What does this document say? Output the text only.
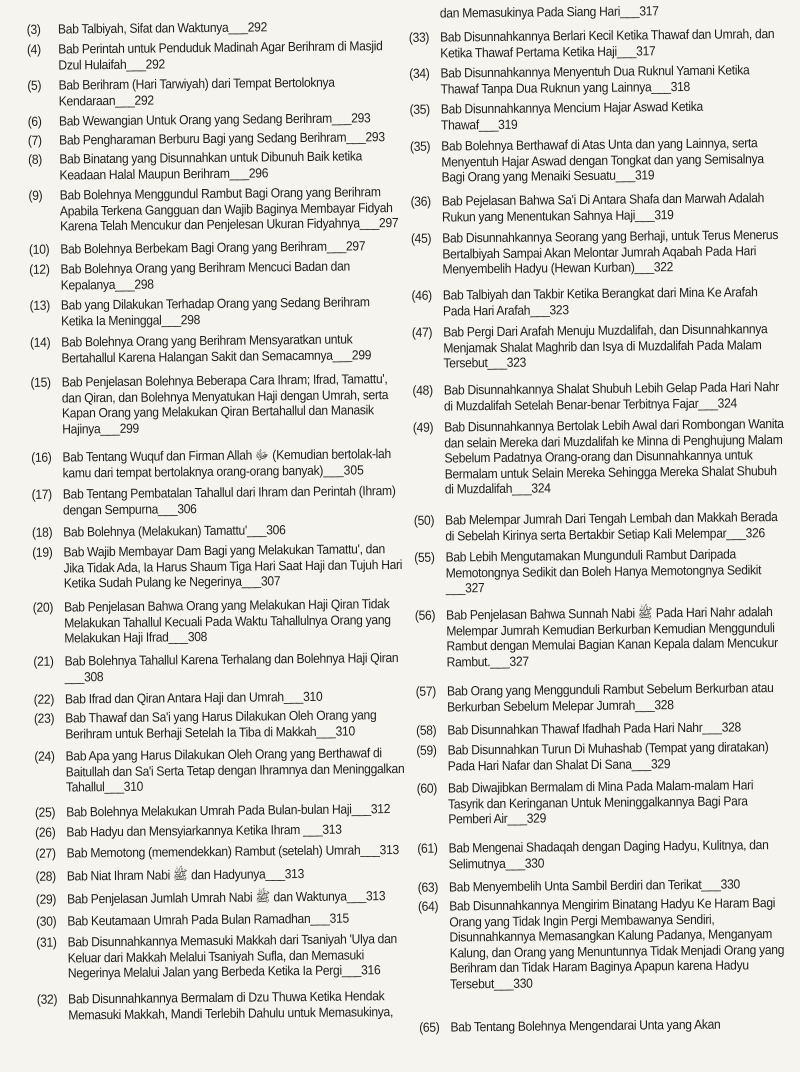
(3)	Bab Talbiyah, Sifat dan Waktunya___292
(4)	Bab Perintah untuk Penduduk Madinah Agar Berihram di Masjid Dzul Hulaifah___292
(5)	Bab Berihram (Hari Tarwiyah) dari Tempat Bertoloknya Kendaraan___292
(6)	Bab Wewangian Untuk Orang yang Sedang Berihram___293
(7)	Bab Pengharaman Berburu Bagi yang Sedang Berihram___293
(8)	Bab Binatang yang Disunnahkan untuk Dibunuh Baik ketika Keadaan Halal Maupun Berihram___296
(9)	Bab Bolehnya Menggundul Rambut Bagi Orang yang Berihram Apabila Terkena Gangguan dan Wajib Baginya Membayar Fidyah Karena Telah Mencukur dan Penjelesan Ukuran Fidyahnya___297
(10) Bab Bolehnya Berbekam Bagi Orang yang Berihram___297
(12) Bab Bolehnya Orang yang Berihram Mencuci Badan dan Kepalanya___298
(13) Bab yang Dilakukan Terhadap Orang yang Sedang Berihram Ketika Ia Meninggal___298
(14) Bab Bolehnya Orang yang Berihram Mensyaratkan untuk Bertahallul Karena Halangan Sakit dan Semacamnya___299
(15) Bab Penjelasan Bolehnya Beberapa Cara Ihram; Ifrad, Tamattu', dan Qiran, dan Bolehnya Menyatukan Haji dengan Umrah, serta Kapan Orang yang Melakukan Qiran Bertahallul dan Manasik Hajinya___299
(16) Bab Tentang Wuquf dan Firman Allah ﷻ (Kemudian bertolak-lah kamu dari tempat bertolaknya orang-orang banyak)___305
(17) Bab Tentang Pembatalan Tahallul dari Ihram dan Perintah (Ihram) dengan Sempurna___306
(18) Bab Bolehnya (Melakukan) Tamattu'___306
(19) Bab Wajib Membayar Dam Bagi yang Melakukan Tamattu', dan Jika Tidak Ada, Ia Harus Shaum Tiga Hari Saat Haji dan Tujuh Hari Ketika Sudah Pulang ke Negerinya___307
(20) Bab Penjelasan Bahwa Orang yang Melakukan Haji Qiran Tidak Melakukan Tahallul Kecuali Pada Waktu Tahallulnya Orang yang Melakukan Haji Ifrad___308
(21) Bab Bolehnya Tahallul Karena Terhalang dan Bolehnya Haji Qiran ___308
(22) Bab Ifrad dan Qiran Antara Haji dan Umrah___310
(23) Bab Thawaf dan Sa'i yang Harus Dilakukan Oleh Orang yang Berihram untuk Berhaji Setelah Ia Tiba di Makkah___310
(24) Bab Apa yang Harus Dilakukan Oleh Orang yang Berthawaf di Baitullah dan Sa'i Serta Tetap dengan Ihramnya dan Meninggalkan Tahallul___310
(25) Bab Bolehnya Melakukan Umrah Pada Bulan-bulan Haji___312
(26) Bab Hadyu dan Mensyiarkannya Ketika Ihram ___313
(27) Bab Memotong (memendekkan) Rambut (setelah) Umrah___313
(28) Bab Niat Ihram Nabi ﷺ dan Hadyunya___313
(29) Bab Penjelasan Jumlah Umrah Nabi ﷺ dan Waktunya___313
(30) Bab Keutamaan Umrah Pada Bulan Ramadhan___315
(31) Bab Disunnahkannya Memasuki Makkah dari Tsaniyah 'Ulya dan Keluar dari Makkah Melalui Tsaniyah Sufla, dan Memasuki Negerinya Melalui Jalan yang Berbeda Ketika Ia Pergi___316
(32) Bab Disunnahkannya Bermalam di Dzu Thuwa Ketika Hendak Memasuki Makkah, Mandi Terlebih Dahulu untuk Memasukinya,
dan Memasukinya Pada Siang Hari___317
(33) Bab Disunnahkannya Berlari Kecil Ketika Thawaf dan Umrah, dan Ketika Thawaf Pertama Ketika Haji___317
(34) Bab Disunnahkannya Menyentuh Dua Ruknul Yamani Ketika Thawaf Tanpa Dua Ruknun yang Lainnya___318
(35) Bab Disunnahkannya Mencium Hajar Aswad Ketika Thawaf___319
(35) Bab Bolehnya Berthawaf di Atas Unta dan yang Lainnya, serta Menyentuh Hajar Aswad dengan Tongkat dan yang Semisalnya Bagi Orang yang Menaiki Sesuatu___319
(36) Bab Pejelasan Bahwa Sa'i Di Antara Shafa dan Marwah Adalah Rukun yang Menentukan Sahnya Haji___319
(45) Bab Disunnahkannya Seorang yang Berhaji, untuk Terus Menerus Bertalbiyah Sampai Akan Melontar Jumrah Aqabah Pada Hari Menyembelih Hadyu (Hewan Kurban)___322
(46) Bab Talbiyah dan Takbir Ketika Berangkat dari Mina Ke Arafah Pada Hari Arafah___323
(47) Bab Pergi Dari Arafah Menuju Muzdalifah, dan Disunnahkannya Menjamak Shalat Maghrib dan Isya di Muzdalifah Pada Malam Tersebut___323
(48) Bab Disunnahkannya Shalat Shubuh Lebih Gelap Pada Hari Nahr di Muzdalifah Setelah Benar-benar Terbitnya Fajar___324
(49) Bab Disunnahkannya Bertolak Lebih Awal dari Rombongan Wanita dan selain Mereka dari Muzdalifah ke Minna di Penghujung Malam Sebelum Padatnya Orang-orang dan Disunnahkannya untuk Bermalam untuk Selain Mereka Sehingga Mereka Shalat Shubuh di Muzdalifah___324
(50) Bab Melempar Jumrah Dari Tengah Lembah dan Makkah Berada di Sebelah Kirinya serta Bertakbir Setiap Kali Melempar___326
(55) Bab Lebih Mengutamakan Mungunduli Rambut Daripada Memotongnya Sedikit dan Boleh Hanya Memotongnya Sedikit ___327
(56) Bab Penjelasan Bahwa Sunnah Nabi ﷺ Pada Hari Nahr adalah Melempar Jumrah Kemudian Berkurban Kemudian Menggunduli Rambut dengan Memulai Bagian Kanan Kepala dalam Mencukur Rambut.___327
(57) Bab Orang yang Menggunduli Rambut Sebelum Berkurban atau Berkurban Sebelum Melepar Jumrah___328
(58) Bab Disunnahkan Thawaf Ifadhah Pada Hari Nahr___328
(59) Bab Disunnahkan Turun Di Muhashab (Tempat yang diratakan) Pada Hari Nafar dan Shalat Di Sana___329
(60) Bab Diwajibkan Bermalam di Mina Pada Malam-malam Hari Tasyrik dan Keringanan Untuk Meninggalkannya Bagi Para Pemberi Air___329
(61) Bab Mengenai Shadaqah dengan Daging Hadyu, Kulitnya, dan Selimutnya___330
(63) Bab Menyembelih Unta Sambil Berdiri dan Terikat___330
(64) Bab Disunnahkannya Mengirim Binatang Hadyu Ke Haram Bagi Orang yang Tidak Ingin Pergi Membawanya Sendiri, Disunnahkannya Memasangkan Kalung Padanya, Menganyam Kalung, dan Orang yang Menuntunnya Tidak Menjadi Orang yang Berihram dan Tidak Haram Baginya Apapun karena Hadyu Tersebut___330
(65) Bab Tentang Bolehnya Mengendarai Unta yang Akan
